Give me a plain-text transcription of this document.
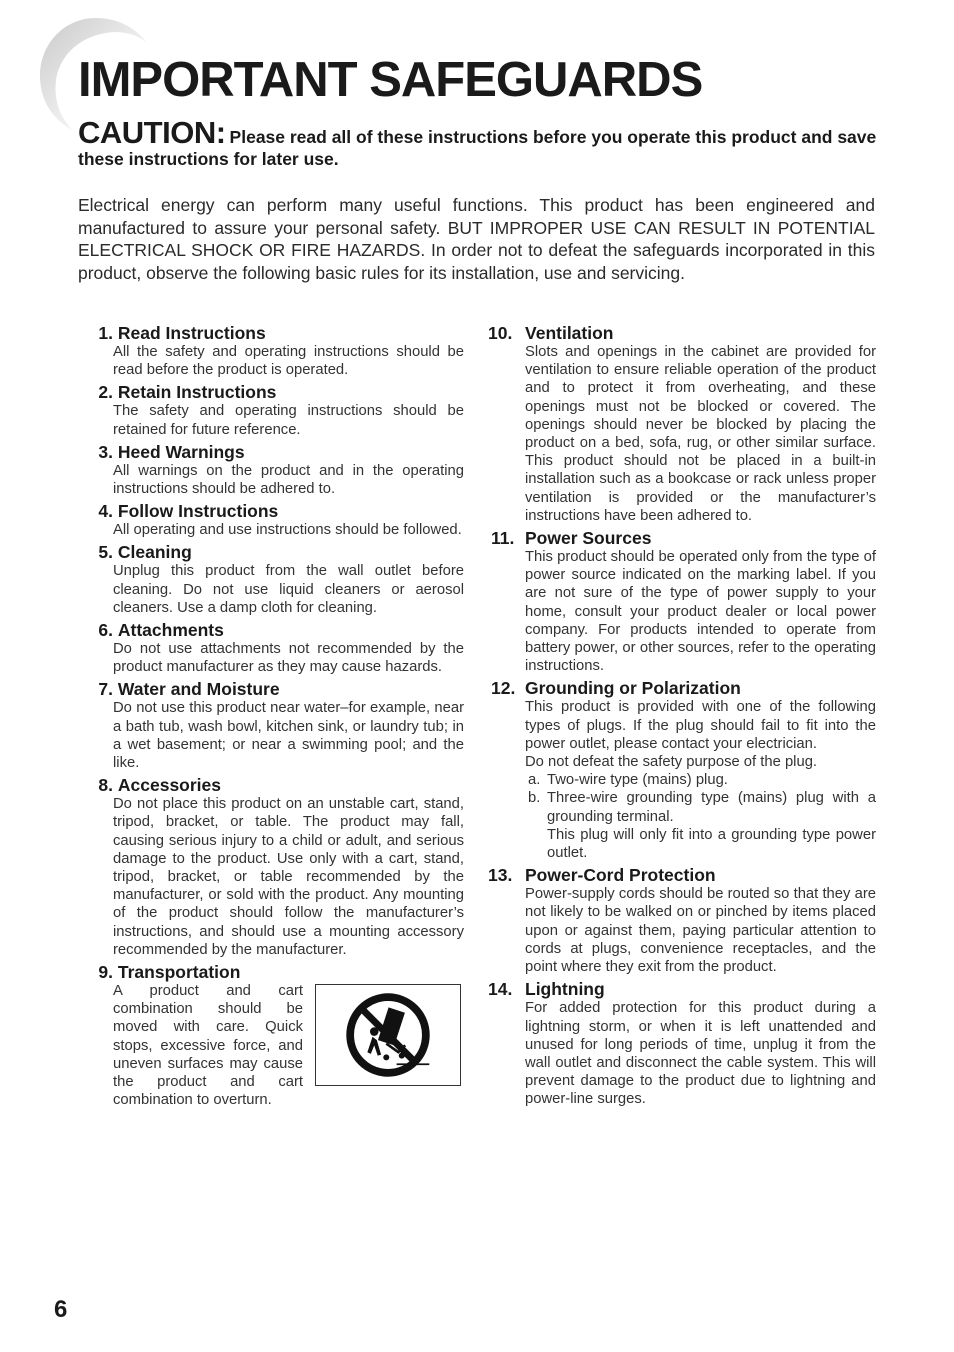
IMPORTANT SAFEGUARDS
CAUTION: Please read all of these instructions before you operate this product and save these instructions for later use.

Electrical energy can perform many useful functions. This product has been engineered and manufactured to assure your personal safety. BUT IMPROPER USE CAN RESULT IN POTENTIAL ELECTRICAL SHOCK OR FIRE HAZARDS. In order not to defeat the safeguards incorporated in this product, observe the following basic rules for its installation, use and servicing.

1.
Read Instructions
All the safety and operating instructions should be read before the product is operated.
2.
Retain Instructions
The safety and operating instructions should be retained for future reference.
3.
Heed Warnings
All warnings on the product and in the operating instructions should be adhered to.
4.
Follow Instructions
All operating and use instructions should be followed.
5.
Cleaning
Unplug this product from the wall outlet before cleaning. Do not use liquid cleaners or aerosol cleaners. Use a damp cloth for cleaning.
6.
Attachments
Do not use attachments not recommended by the product manufacturer as they may cause hazards.
7.
Water and Moisture
Do not use this product near water–for example, near a bath tub, wash bowl, kitchen sink, or laundry tub; in a wet basement; or near a swimming pool; and the like.
8.
Accessories
Do not place this product on an unstable cart, stand, tripod, bracket, or table. The product may fall, causing serious injury to a child or adult, and serious damage to the product. Use only with a cart, stand, tripod, bracket, or table recommended by the manufacturer, or sold with the product. Any mounting of the product should follow the manufacturer’s instructions, and should use a mounting accessory recommended by the manufacturer.
9.
Transportation
A product and cart combination should be moved with care. Quick stops, excessive force, and uneven surfaces may cause the product and cart combination to overturn.
10. Ventilation
Slots and openings in the cabinet are provided for ventilation to ensure reliable operation of the product and to protect it from overheating, and these openings must not be blocked or covered. The openings should never be blocked by placing the product on a bed, sofa, rug, or other similar surface. This product should not be placed in a built-in installation such as a bookcase or rack unless proper ventilation is provided or the manufacturer’s instructions have been adhered to.
11. Power Sources
This product should be operated only from the type of power source indicated on the marking label. If you are not sure of the type of power supply to your home, consult your product dealer or local power company. For products intended to operate from battery power, or other sources, refer to the operating instructions.
12. Grounding or Polarization
This product is provided with one of the following types of plugs. If the plug should fail to fit into the power outlet, please contact your electrician.
Do not defeat the safety purpose of the plug.
a. Two-wire type (mains) plug.
b. Three-wire grounding type (mains) plug with a grounding terminal.
This plug will only fit into a grounding type power outlet.
13. Power-Cord Protection
Power-supply cords should be routed so that they are not likely to be walked on or pinched by items placed upon or against them, paying particular attention to cords at plugs, convenience receptacles, and the point where they exit from the product.
14. Lightning
For added protection for this product during a lightning storm, or when it is left unattended and unused for long periods of time, unplug it from the wall outlet and disconnect the cable system. This will prevent damage to the product due to lightning and power-line surges.
6
